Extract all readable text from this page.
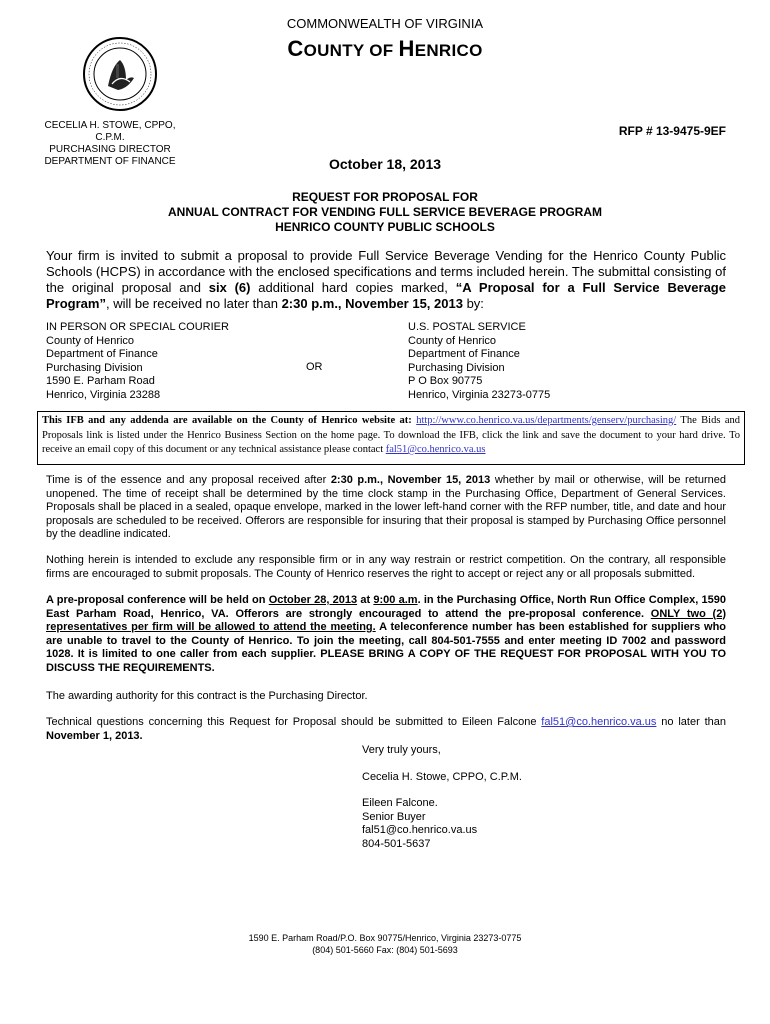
COMMONWEALTH OF VIRGINIA
COUNTY OF HENRICO
CECELIA H. STOWE, CPPO, C.P.M.
PURCHASING DIRECTOR
DEPARTMENT OF FINANCE
RFP # 13-9475-9EF
October 18, 2013
REQUEST FOR PROPOSAL FOR
ANNUAL CONTRACT FOR VENDING FULL SERVICE BEVERAGE PROGRAM
HENRICO COUNTY PUBLIC SCHOOLS
Your firm is invited to submit a proposal to provide Full Service Beverage Vending for the Henrico County Public Schools (HCPS) in accordance with the enclosed specifications and terms included herein. The submittal consisting of the original proposal and six (6) additional hard copies marked, “A Proposal for a Full Service Beverage Program”, will be received no later than 2:30 p.m., November 15, 2013 by:
IN PERSON OR SPECIAL COURIER
County of Henrico
Department of Finance
Purchasing Division
1590 E. Parham Road
Henrico, Virginia 23288
OR
U.S. POSTAL SERVICE
County of Henrico
Department of Finance
Purchasing Division
P O Box 90775
Henrico, Virginia 23273-0775
This IFB and any addenda are available on the County of Henrico website at: http://www.co.henrico.va.us/departments/genserv/purchasing/ The Bids and Proposals link is listed under the Henrico Business Section on the home page. To download the IFB, click the link and save the document to your hard drive. To receive an email copy of this document or any technical assistance please contact fal51@co.henrico.va.us
Time is of the essence and any proposal received after 2:30 p.m., November 15, 2013 whether by mail or otherwise, will be returned unopened. The time of receipt shall be determined by the time clock stamp in the Purchasing Office, Department of General Services. Proposals shall be placed in a sealed, opaque envelope, marked in the lower left-hand corner with the RFP number, title, and date and hour proposals are scheduled to be received. Offerors are responsible for insuring that their proposal is stamped by Purchasing Office personnel by the deadline indicated.
Nothing herein is intended to exclude any responsible firm or in any way restrain or restrict competition. On the contrary, all responsible firms are encouraged to submit proposals. The County of Henrico reserves the right to accept or reject any or all proposals submitted.
A pre-proposal conference will be held on October 28, 2013 at 9:00 a.m. in the Purchasing Office, North Run Office Complex, 1590 East Parham Road, Henrico, VA. Offerors are strongly encouraged to attend the pre-proposal conference. ONLY two (2) representatives per firm will be allowed to attend the meeting. A teleconference number has been established for suppliers who are unable to travel to the County of Henrico. To join the meeting, call 804-501-7555 and enter meeting ID 7002 and password 1028. It is limited to one caller from each supplier. PLEASE BRING A COPY OF THE REQUEST FOR PROPOSAL WITH YOU TO DISCUSS THE REQUIREMENTS.
The awarding authority for this contract is the Purchasing Director.
Technical questions concerning this Request for Proposal should be submitted to Eileen Falcone fal51@co.henrico.va.us no later than November 1, 2013.
Very truly yours,
Cecelia H. Stowe, CPPO, C.P.M.
Eileen Falcone.
Senior Buyer
fal51@co.henrico.va.us
804-501-5637
1590 E. Parham Road/P.O. Box 90775/Henrico, Virginia 23273-0775
(804) 501-5660 Fax: (804) 501-5693
